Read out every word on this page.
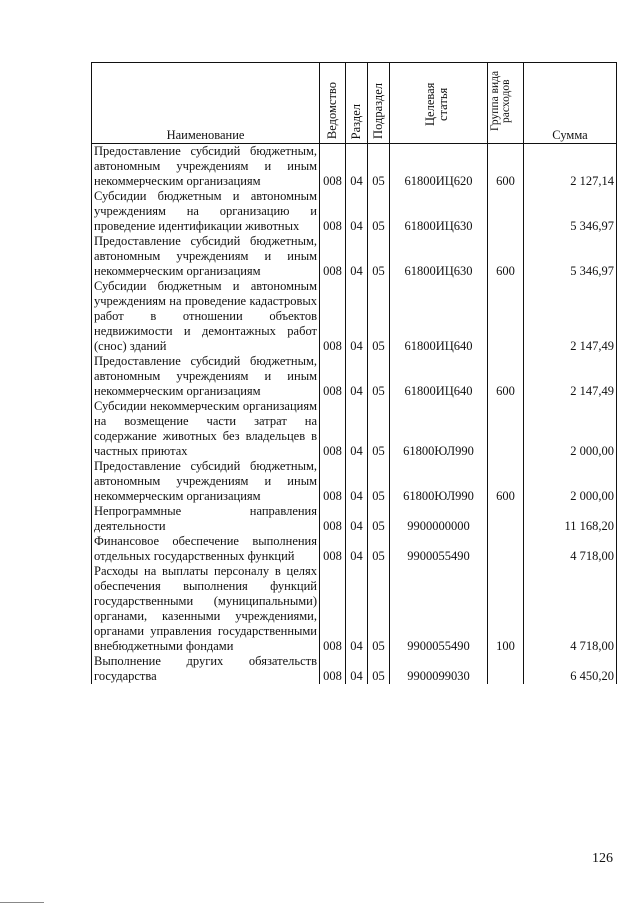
Наименование	Ведомство	Раздел	Подраздел	Целевая статья	Группа вида расходов	Сумма
Предоставление субсидий бюджетным, автономным учреждениям и иным некоммерческим организациям	008	04	05	61800ИЦ620	600	2 127,14
Субсидии бюджетным и автономным учреждениям на организацию и проведение идентификации животных	008	04	05	61800ИЦ630		5 346,97
Предоставление субсидий бюджетным, автономным учреждениям и иным некоммерческим организациям	008	04	05	61800ИЦ630	600	5 346,97
Субсидии бюджетным и автономным учреждениям на проведение кадастровых работ в отношении объектов недвижимости и демонтажных работ (снос) зданий	008	04	05	61800ИЦ640		2 147,49
Предоставление субсидий бюджетным, автономным учреждениям и иным некоммерческим организациям	008	04	05	61800ИЦ640	600	2 147,49
Субсидии некоммерческим организациям на возмещение части затрат на содержание животных без владельцев в частных приютах	008	04	05	61800ЮЛ990		2 000,00
Предоставление субсидий бюджетным, автономным учреждениям и иным некоммерческим организациям	008	04	05	61800ЮЛ990	600	2 000,00
Непрограммные направления деятельности	008	04	05	9900000000		11 168,20
Финансовое обеспечение выполнения отдельных государственных функций	008	04	05	9900055490		4 718,00
Расходы на выплаты персоналу в целях обеспечения выполнения функций государственными (муниципальными) органами, казенными учреждениями, органами управления государственными внебюджетными фондами	008	04	05	9900055490	100	4 718,00
Выполнение других обязательств государства	008	04	05	9900099030		6 450,20
126
